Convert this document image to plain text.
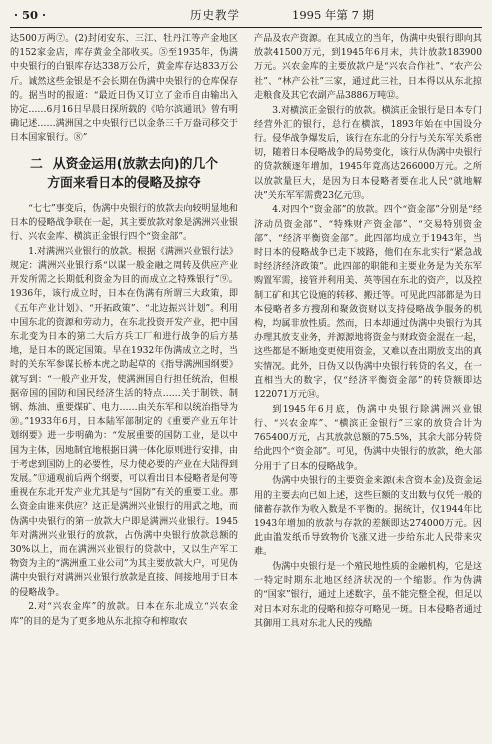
· 50 ·	历史教学	1995 年第 7 期

达500万两⑦。(2)封闭安东、三江、牡丹江等产金地区的152家金店，库存黄金全部收买。⑤至1935年，伪满中央银行的白银库存达338万公斤，黄金库存达833万公斤。诚然这些金银是不会长期在伪满中央银行的仓库保存的。据当时的报道：“最近日伪又订立了金币自由输出入协定……6月16日早晨日探所载的《哈尔滨通讯》曾有明确记述……满洲国之中央银行已以金条三千万盎司移交于日本国家银行。⑧”

二 从资金运用(放款去向)的几个
方面来看日本的侵略及掠夺

“七七”事变后，伪满中央银行的放款去向较明显地和日本的侵略战争联在一起，其主要放款对象是满洲兴业银行、兴农金库、横滨正金银行四个“资金部”。

1.对满洲兴业银行的放款。根据《满洲兴业银行法》规定：满洲兴业银行系“以谋一般金融之周转及供应产业开发所需之长期低利资金为目的而成立之特殊银行”⑨。1936年，该行成立时，日本在伪满有所谓三大政策，即《五年产业计划》、“开拓政策”、“北边振兴计划”。利用中国东北的资源和劳动力，在东北投资开发产业，把中国东北变为日本的第二大后方兵工厂和进行战争的后方基地，是日本的既定国策。早在1932年伪满成立之时，当时的关东军参谋长桥本虎之助起草的《指导满洲国纲要》就写到：“一般产业开发，使满洲国自行担任统治，但根据帝国的国防和国民经济生活的特点……关于制铁、制钢、炼油、重要煤矿、电力……由关东军和以统治指导为⑩。”1933年6月，日本陆军部制定的《重要产业五年计划纲要》进一步明确为：“发展重要的国防工业，是以中国为主体，因地制宜地根据日满一体化原则进行安排，由于考虑到国防上的必要性，尽力使必要的产业在大陆得到发展。”⑪通观前后两个纲要，可以看出日本侵略者是何等重视在东北开发产业尤其是与“国防”有关的重要工业。那么资金由谁来供应？这正是满洲兴业银行的用武之地，而伪满中央银行的第一放款大户即是满洲兴业银行。1945年对满洲兴业银行的放款，占伪满中央银行放款总额的30%以上，而在满洲兴业银行的贷款中，又以生产军工物资为主的“满洲重工业公司”为其主要放款大户，可见伪满中央银行对满洲兴业银行放款是直接、间接地用于日本的侵略战争。

2.对“兴农金库”的放款。日本在东北成立“兴农金库”的目的是为了更多地从东北掠夺和榨取农

产品及农产资源。在其成立的当年，伪满中央银行即向其放款41500万元，到1945年6月末，共计放款183900万元。兴农金库的主要放款户是“兴农合作社”、“农产公社”、“林产公社”三家，通过此三社，日本得以从东北掠走粮食及其它农副产品3886万吨⑫。

3.对横滨正金银行的放款。横滨正金银行是日本专门经营外汇的银行，总行在横滨，1893年始在中国设分行。侵华战争爆发后，该行在东北的分行与关东军关系密切，随着日本侵略战争的局势变化，该行从伪满中央银行的贷款额逐年增加，1945年竟高达266000万元。之所以放款量巨大，是因为日本侵略者要在北人民“就地解决”关东军军需费23亿元⑬。

4.对四个“资金部”的放款。四个“资金部”分别是“经济动员资金部”、“特殊财产资金部”、“交易特别资金部”、“经济平衡资金部”。此四部均成立于1943年，当时日本的侵略战争已走下坡路，他们在东北实行“紧急战时经济经济政策”。此四部的职能和主要业务是为关东军购置军需，接管并利用美、英等国在东北的资产，以及控制工矿和其它设施的转移、搬迁等。可见此四部都是为日本侵略者多方搜刮和聚敛资财以支持侵略战争服务的机构，均属非放性质。然而，日本却通过伪满中央银行为其办理其放支业务，并源源地将资金与财政资金混在一起，这些都是不断地变更使用资金，又难以查出期放支出的真实情况。此外，日伪又以伪满中央银行转贷的名义，在一直相当大的数字，仅“经济平衡资金部”的转贷额即达122071万元⑭。

到1945年6月底，伪满中央银行除满洲兴业银行、“兴农金库”、“横滨正金银行”三家的放贷合计为765400万元，占其放款总额的75.5%，其余大部分转贷给此四个“资金部”。可见，伪满中央银行的放款，绝大部分用于了日本的侵略战争。

伪满中央银行的主要资金来源(未含资本金)及资金运用的主要去向已如上述，这些巨额的支出数与仅凭一般的储蓄存款作为收入数是不平衡的。据统计，仅1944年比1943年增加的放款与存款的差额即达274000万元。因此由滥发纸币导致物价飞涨又进一步给东北人民带来灾难。

伪满中央银行是一个殖民地性质的金融机构，它是这一特定时期东北地区经济状况的一个缩影。作为伪满的“国家”银行，通过上述数字，虽不能完整全视，但足以对日本对东北的侵略和掠夺可略见一斑。日本侵略者通过其御用工具对东北人民的残酷
